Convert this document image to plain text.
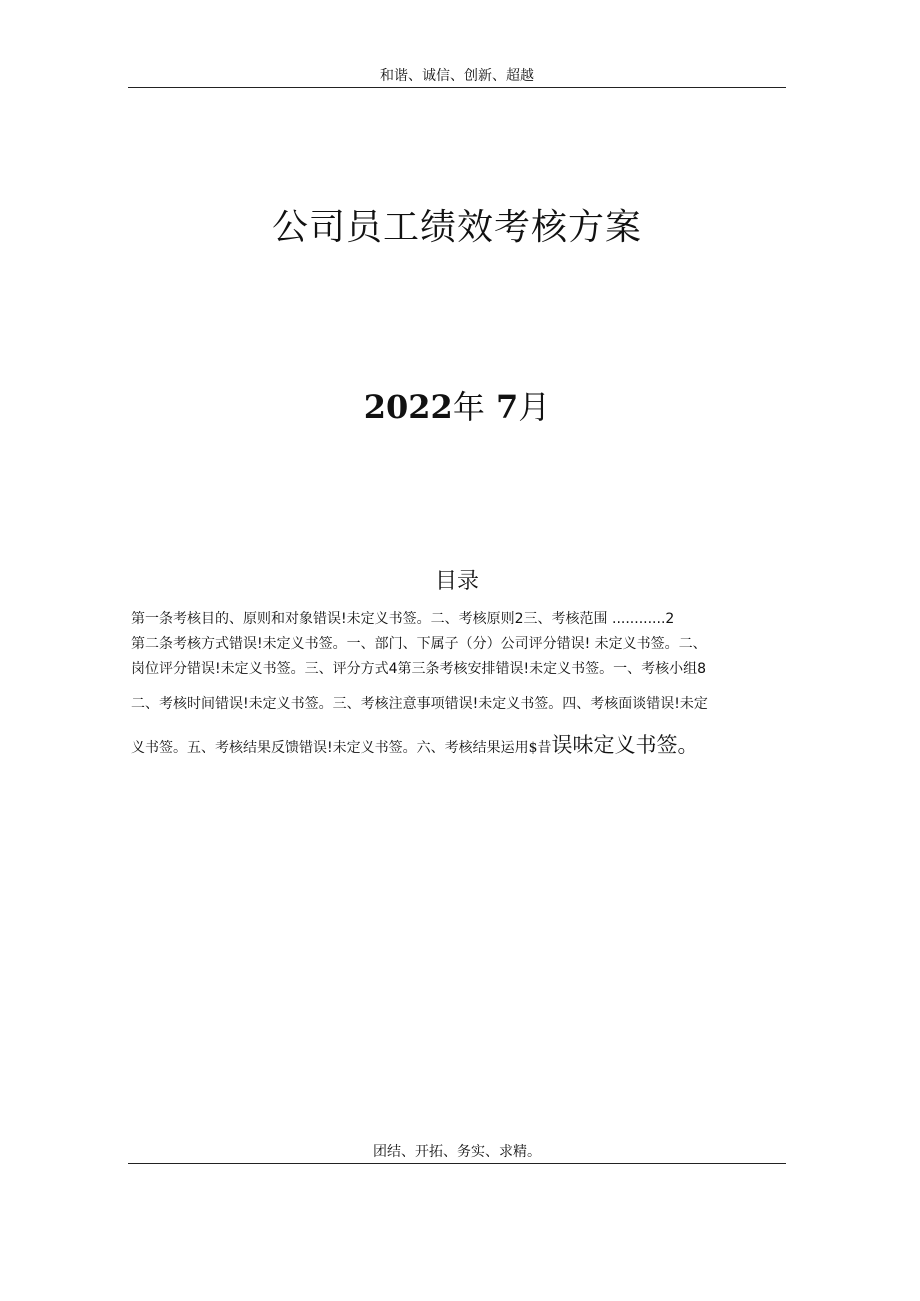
和谐、诚信、创新、超越
公司员工绩效考核方案
2022年 7月
目录
第一条考核目的、原则和对象错误!未定义书签。二、考核原则2三、考核范围 ............2
第二条考核方式错误!未定义书签。一、部门、下属子（分）公司评分错误! 未定义书签。二、
岗位评分错误!未定义书签。三、评分方式4第三条考核安排错误!未定义书签。一、考核小组8
二、考核时间错误!未定义书签。三、考核注意事项错误!未定义书签。四、考核面谈错误!未定
义书签。五、考核结果反馈错误!未定义书签。六、考核结果运用$昔误味定义书签。
团结、开拓、务实、求精。
